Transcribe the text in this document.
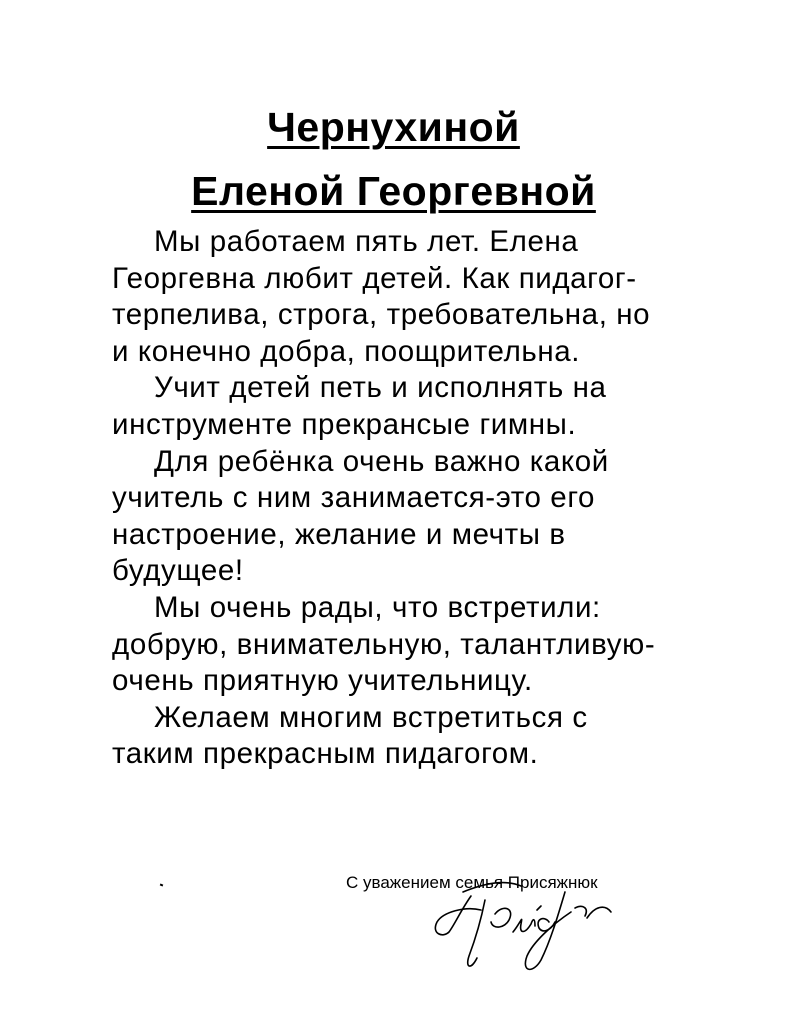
Чернухиной
Еленой Георгевной

Мы работаем пять лет. Елена Георгевна любит детей. Как пидагог-терпелива, строга, требовательна, но и конечно добра, поощрительна.

Учит детей петь и исполнять на инструменте прекрансые гимны.

Для ребёнка очень важно какой учитель с ним занимается-это его настроение, желание и мечты в будущее!

Мы очень рады, что встретили: добрую, внимательную, талантливую-очень приятную учительницу.

Желаем многим встретиться с таким прекрасным пидагогом.

С уважением семья Присяжнюк
